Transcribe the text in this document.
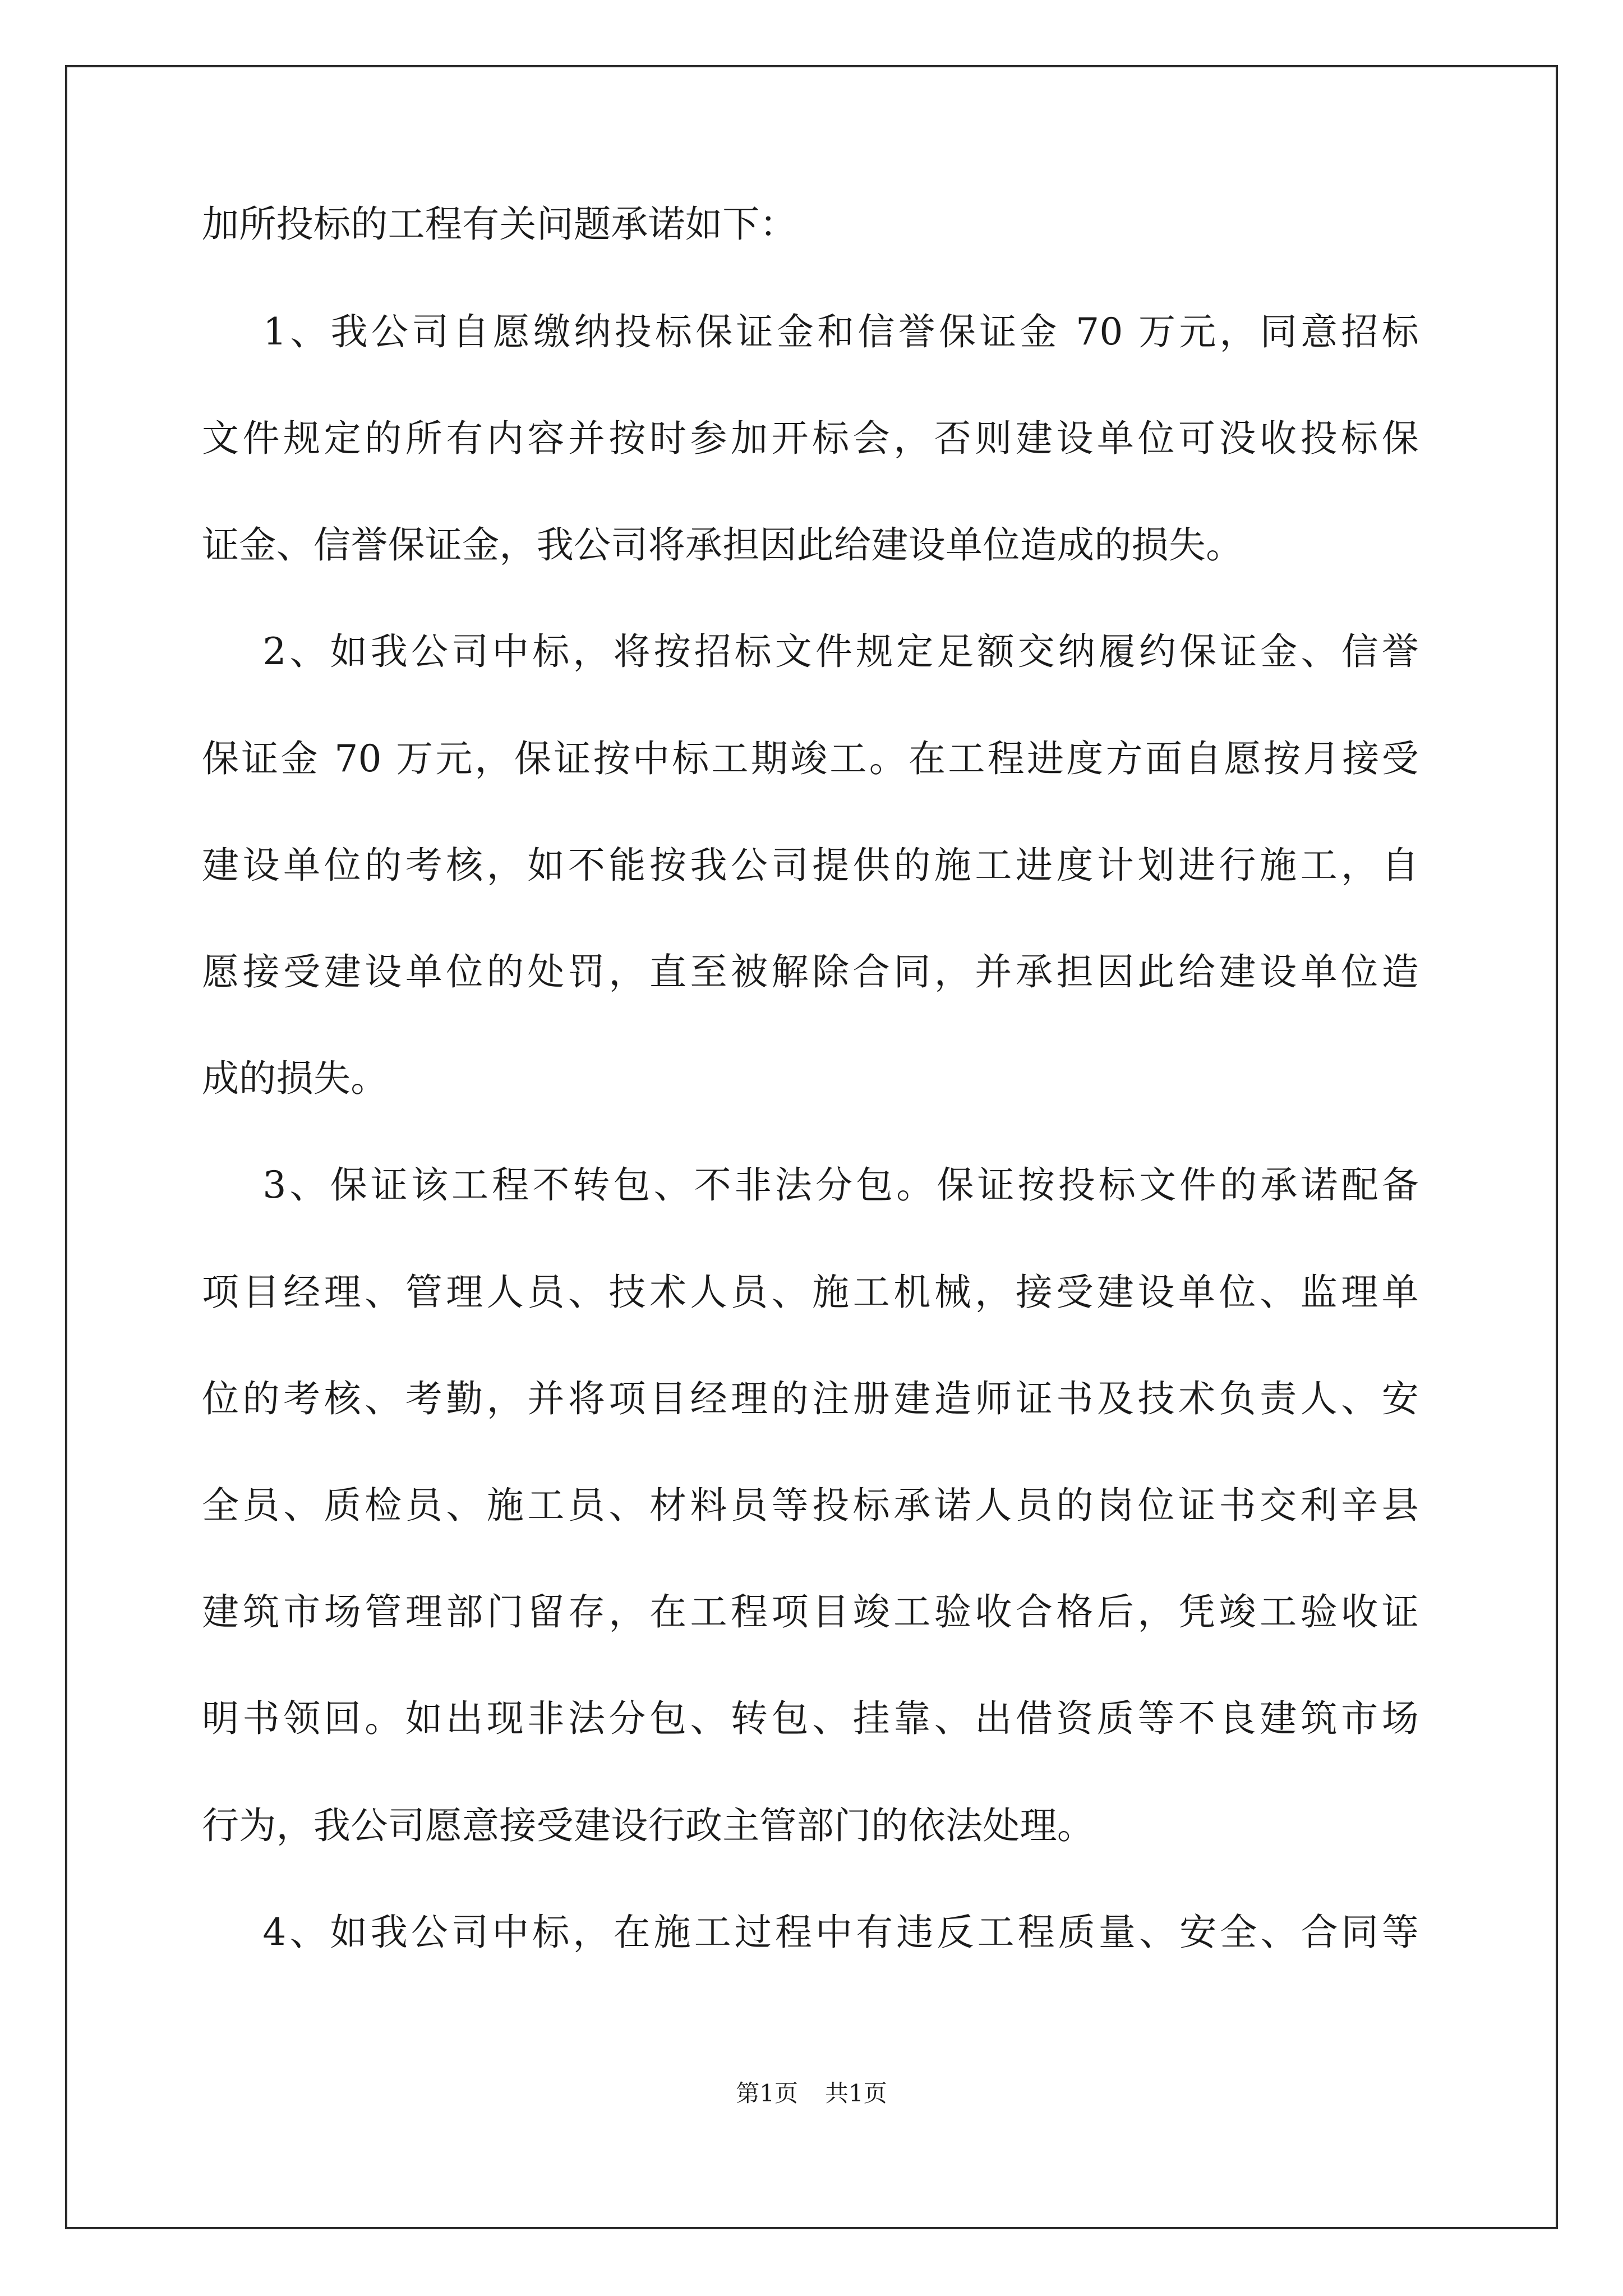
加所投标的工程有关问题承诺如下：
1、我公司自愿缴纳投标保证金和信誉保证金 70 万元，同意招标
文件规定的所有内容并按时参加开标会，否则建设单位可没收投标保
证金、信誉保证金，我公司将承担因此给建设单位造成的损失。
2、如我公司中标，将按招标文件规定足额交纳履约保证金、信誉
保证金 70 万元，保证按中标工期竣工。在工程进度方面自愿按月接受
建设单位的考核，如不能按我公司提供的施工进度计划进行施工，自
愿接受建设单位的处罚，直至被解除合同，并承担因此给建设单位造
成的损失。
3、保证该工程不转包、不非法分包。保证按投标文件的承诺配备
项目经理、管理人员、技术人员、施工机械，接受建设单位、监理单
位的考核、考勤，并将项目经理的注册建造师证书及技术负责人、安
全员、质检员、施工员、材料员等投标承诺人员的岗位证书交利辛县
建筑市场管理部门留存，在工程项目竣工验收合格后，凭竣工验收证
明书领回。如出现非法分包、转包、挂靠、出借资质等不良建筑市场
行为，我公司愿意接受建设行政主管部门的依法处理。
4、如我公司中标，在施工过程中有违反工程质量、安全、合同等
第1页 共1页
